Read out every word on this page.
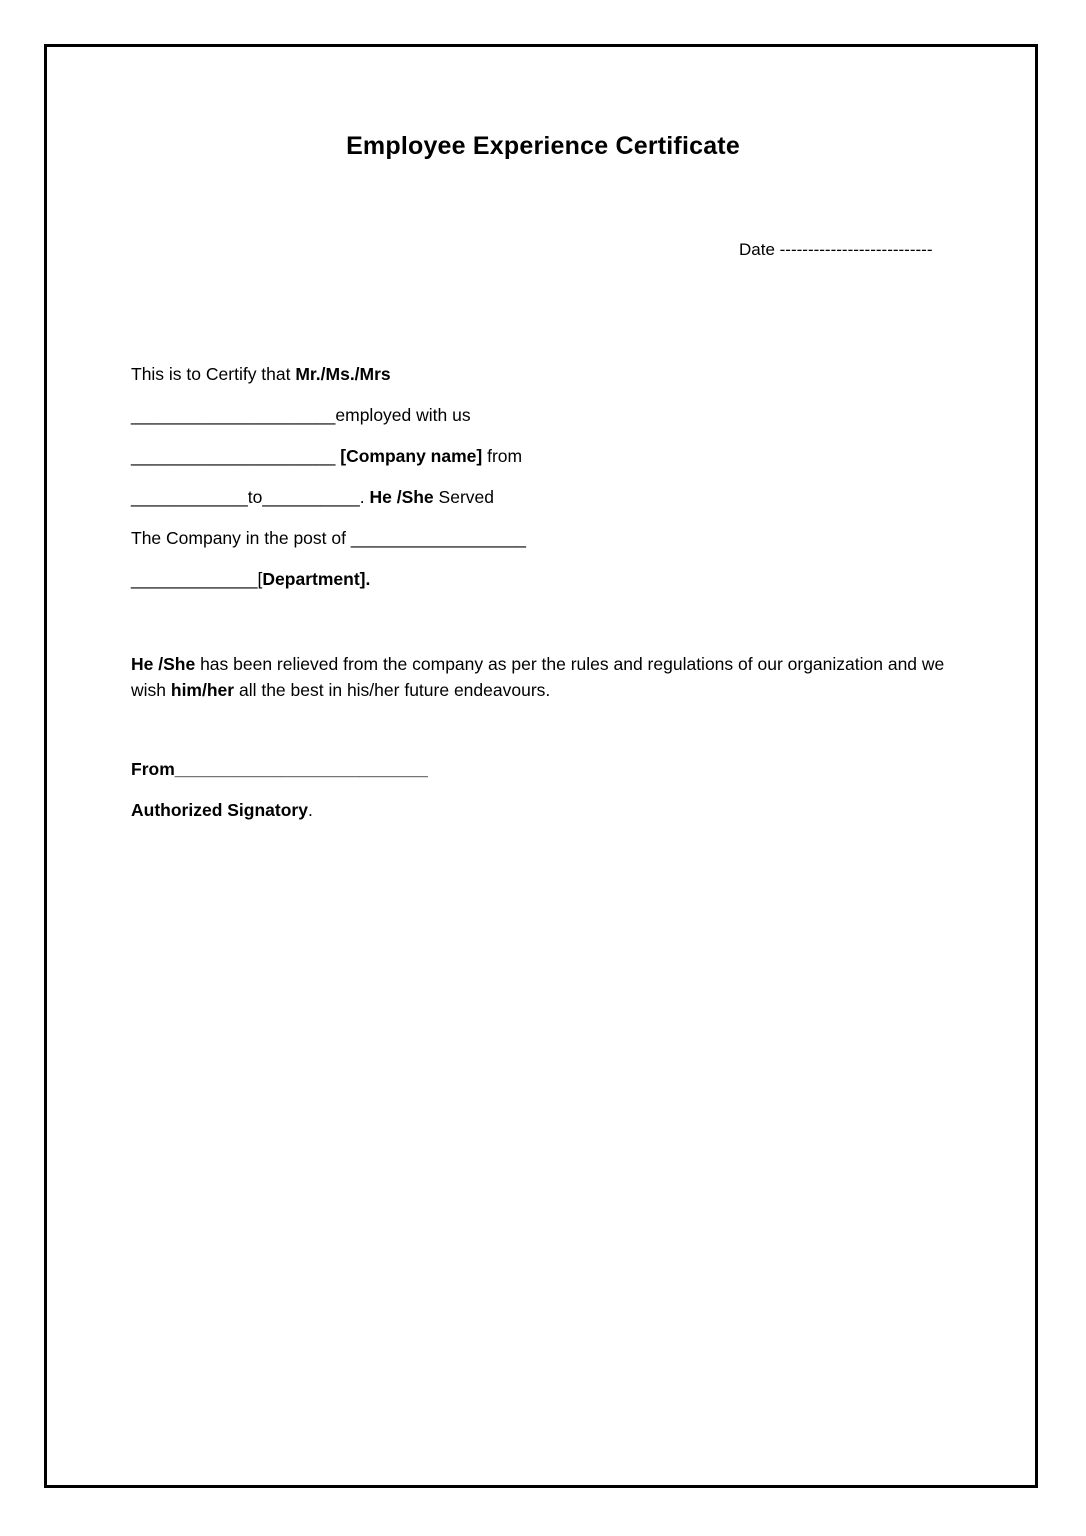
Employee Experience Certificate
Date ---------------------------
This is to Certify that Mr./Ms./Mrs
_____________________employed with us
_____________________ [Company name] from
____________to__________. He /She Served
The Company in the post of __________________
_____________[Department].
He /She has been relieved from the company as per the rules and regulations of our organization and we wish him/her all the best in his/her future endeavours.
From__________________________
Authorized Signatory.
